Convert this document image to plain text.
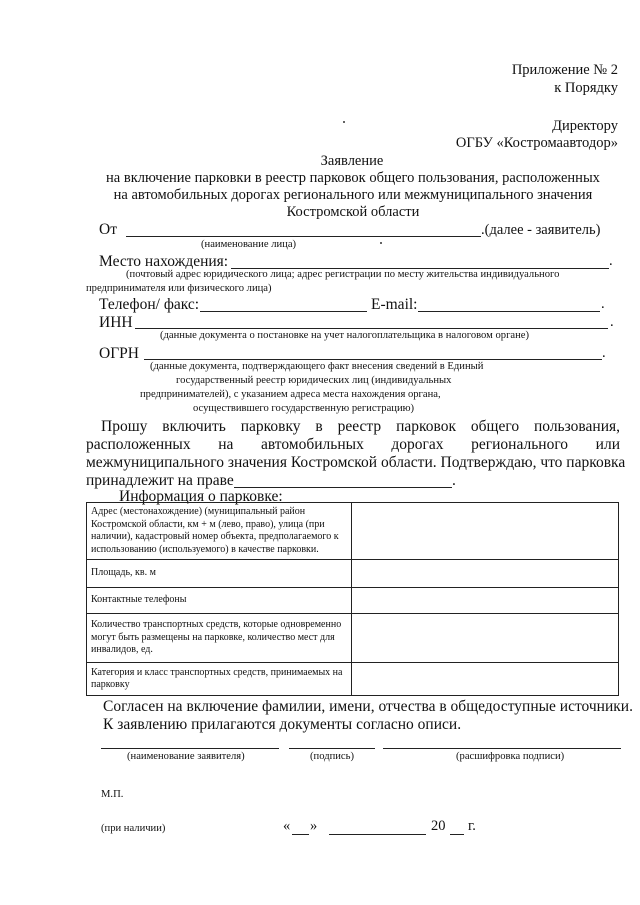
Приложение № 2
к Порядку
Директору
ОГБУ «Костромаавтодор»
Заявление
на включение парковки в реестр парковок общего пользования, расположенных
на автомобильных дорогах регионального или межмуниципального значения
Костромской области
От	.(далее - заявитель)
(наименование лица)
Место нахождения:	.
(почтовый адрес юридического лица; адрес регистрации по месту жительства индивидуального
предпринимателя или физического лица)
Телефон/ факс:	E-mail:	.
ИНН	.
(данные документа о постановке на учет налогоплательщика в налоговом органе)
ОГРН	.
(данные документа, подтверждающего факт внесения сведений в Единый
государственный реестр юридических лиц (индивидуальных
предпринимателей), с указанием адреса места нахождения органа,
осуществившего государственную регистрацию)
Прошу включить парковку в реестр парковок общего пользования,
расположенных на автомобильных дорогах регионального или
межмуниципального значения Костромской области. Подтверждаю, что парковка
принадлежит на праве	.
Информация о парковке:
Адрес (местонахождение) (муниципальный район Костромской области, км + м (лево, право), улица (при наличии), кадастровый номер объекта, предполагаемого к использованию (используемого) в качестве парковки.	
Площадь, кв. м	
Контактные телефоны	
Количество транспортных средств, которые одновременно могут быть размещены на парковке, количество мест для инвалидов, ед.	
Категория и класс транспортных средств, принимаемых на парковку	
Согласен на включение фамилии, имени, отчества в общедоступные источники.
К заявлению прилагаются документы согласно описи.
(наименование заявителя)	(подпись)	(расшифровка подписи)
М.П.
(при наличии)	« »	20 г.
